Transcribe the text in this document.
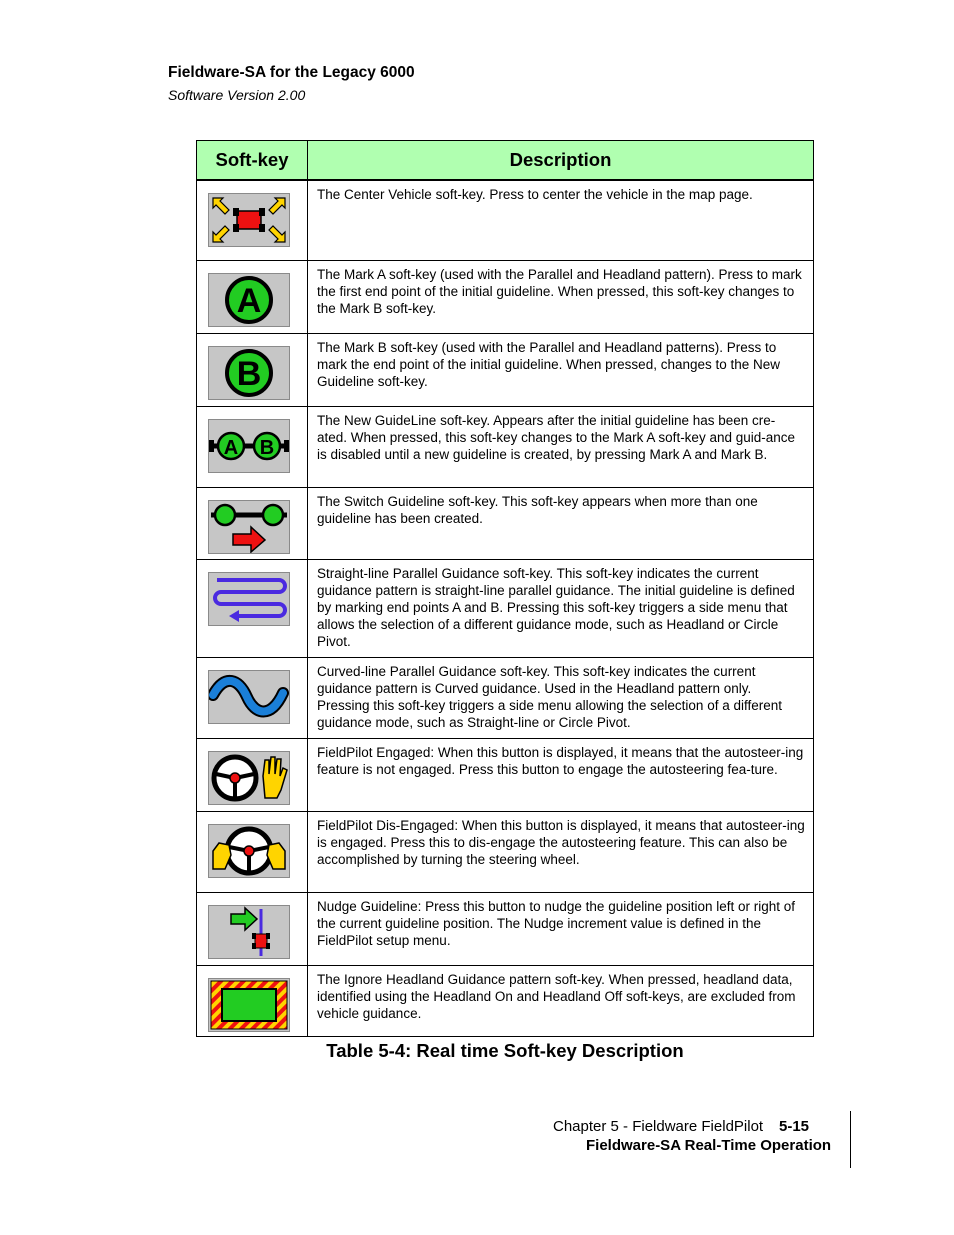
Fieldware-SA for the Legacy 6000
Software Version 2.00
Soft-key	Description

	The Center Vehicle soft-key. Press to center the vehicle in the map page.

A	The Mark A soft-key (used with the Parallel and Headland pattern). Press to mark the first end point of the initial guideline. When pressed, this soft-key changes to the Mark B soft-key.

B	The Mark B soft-key (used with the Parallel and Headland patterns). Press to mark the end point of the initial guideline. When pressed, changes to the New Guideline soft-key.

A B	The New GuideLine soft-key. Appears after the initial guideline has been cre-ated. When pressed, this soft-key changes to the Mark A soft-key and guid-ance is disabled until a new guideline is created, by pressing Mark A and Mark B.

	The Switch Guideline soft-key. This soft-key appears when more than one guideline has been created.

	Straight-line Parallel Guidance soft-key. This soft-key indicates the current guidance pattern is straight-line parallel guidance. The initial guideline is defined by marking end points A and B. Pressing this soft-key triggers a side menu that allows the selection of a different guidance mode, such as Headland or Circle Pivot.

	Curved-line Parallel Guidance soft-key. This soft-key indicates the current guidance pattern is Curved guidance. Used in the Headland pattern only. Pressing this soft-key triggers a side menu allowing the selection of a different guidance mode, such as Straight-line or Circle Pivot.

	FieldPilot Engaged: When this button is displayed, it means that the autosteer-ing feature is not engaged. Press this button to engage the autosteering fea-ture.

	FieldPilot Dis-Engaged: When this button is displayed, it means that autosteer-ing is engaged. Press this to dis-engage the autosteering feature. This can also be accomplished by turning the steering wheel.

	Nudge Guideline: Press this button to nudge the guideline position left or right of the current guideline position. The Nudge increment value is defined in the FieldPilot setup menu.

	The Ignore Headland Guidance pattern soft-key. When pressed, headland data, identified using the Headland On and Headland Off soft-keys, are excluded from vehicle guidance.
Table 5-4: Real time Soft-key Description
Chapter 5 - Fieldware FieldPilot 5-15
Fieldware-SA Real-Time Operation
